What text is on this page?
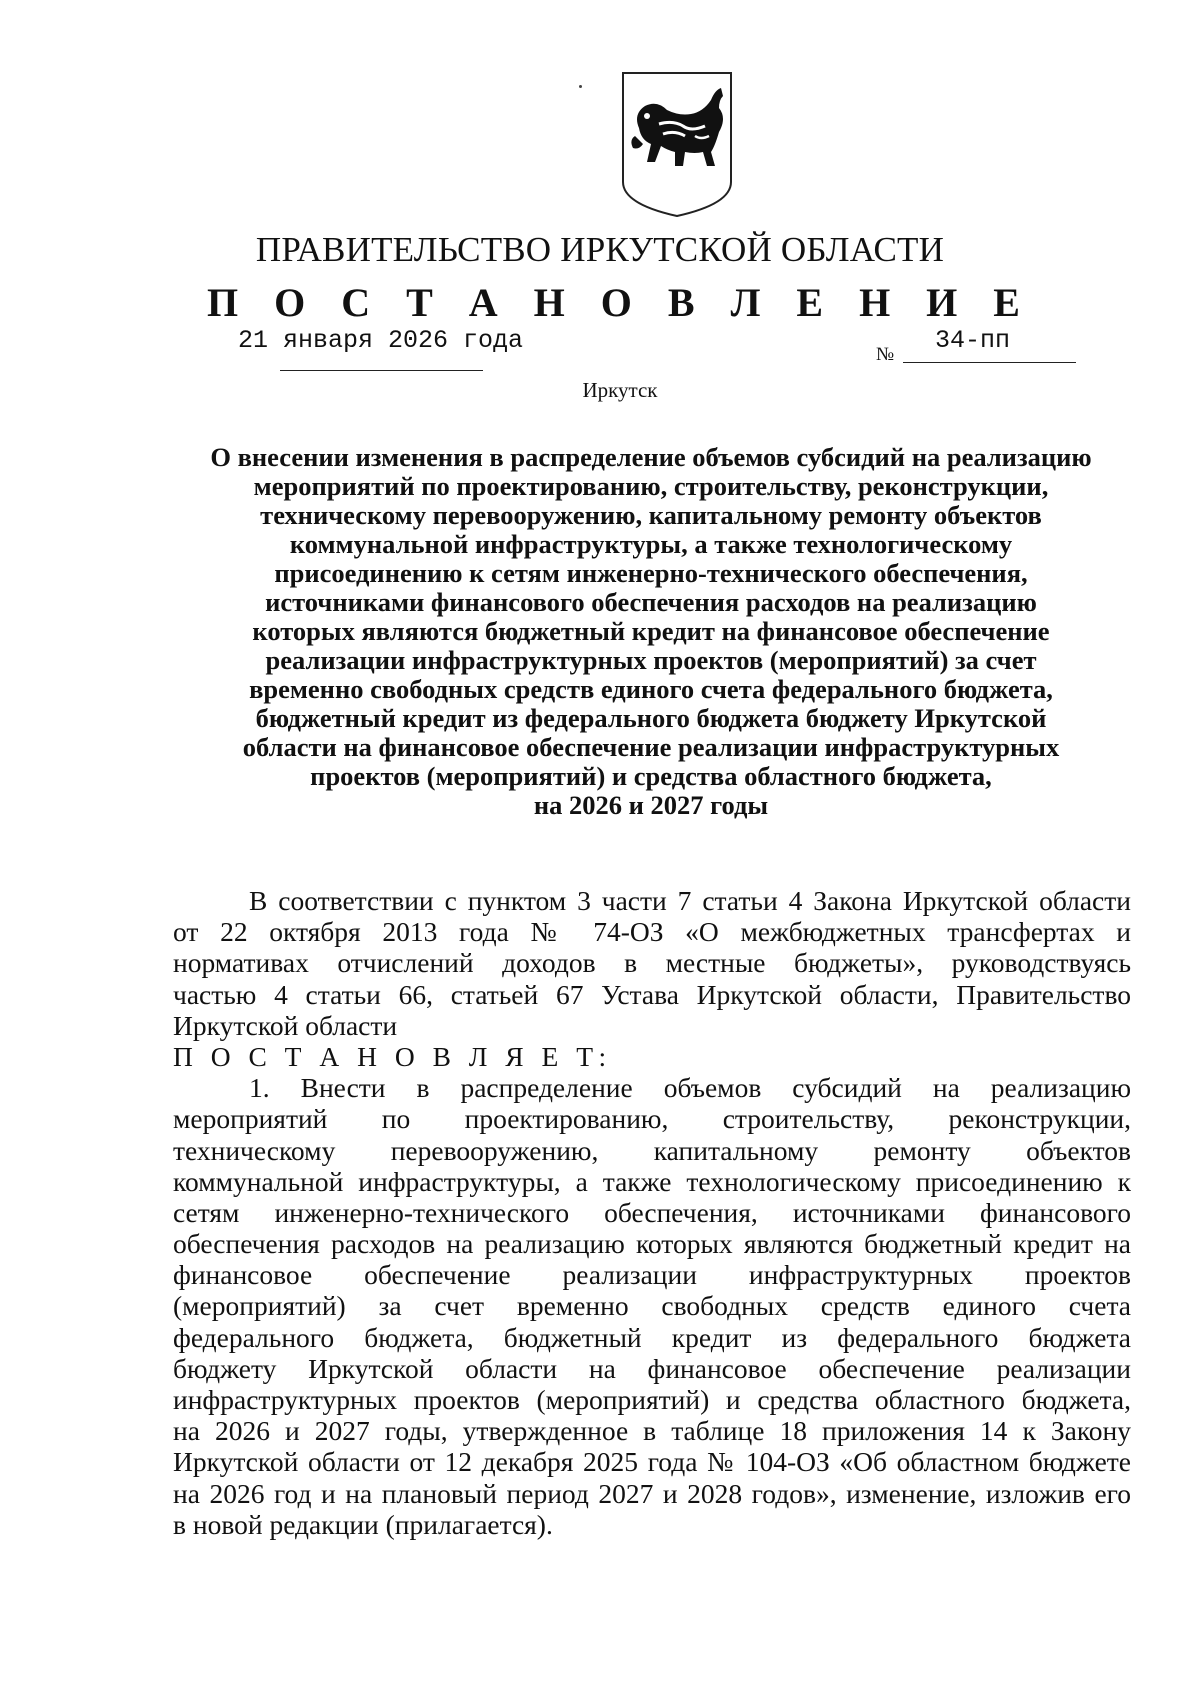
ПРАВИТЕЛЬСТВО ИРКУТСКОЙ ОБЛАСТИ
П О С Т А Н О В Л Е Н И Е
21 января 2026 года	№ 34-пп
Иркутск
О внесении изменения в распределение объемов субсидий на реализацию
мероприятий по проектированию, строительству, реконструкции,
техническому перевооружению, капитальному ремонту объектов
коммунальной инфраструктуры, а также технологическому
присоединению к сетям инженерно-технического обеспечения,
источниками финансового обеспечения расходов на реализацию
которых являются бюджетный кредит на финансовое обеспечение
реализации инфраструктурных проектов (мероприятий) за счет
временно свободных средств единого счета федерального бюджета,
бюджетный кредит из федерального бюджета бюджету Иркутской
области на финансовое обеспечение реализации инфраструктурных
проектов (мероприятий) и средства областного бюджета,
на 2026 и 2027 годы
В соответствии с пунктом 3 части 7 статьи 4 Закона Иркутской области
от 22 октября 2013 года № 74-ОЗ «О межбюджетных трансфертах и
нормативах отчислений доходов в местные бюджеты», руководствуясь
частью 4 статьи 66, статьей 67 Устава Иркутской области, Правительство
Иркутской области
П О С Т А Н О В Л Я Е Т:
1. Внести в распределение объемов субсидий на реализацию
мероприятий по проектированию, строительству, реконструкции,
техническому перевооружению, капитальному ремонту объектов
коммунальной инфраструктуры, а также технологическому присоединению к
сетям инженерно-технического обеспечения, источниками финансового
обеспечения расходов на реализацию которых являются бюджетный кредит на
финансовое обеспечение реализации инфраструктурных проектов
(мероприятий) за счет временно свободных средств единого счета
федерального бюджета, бюджетный кредит из федерального бюджета
бюджету Иркутской области на финансовое обеспечение реализации
инфраструктурных проектов (мероприятий) и средства областного бюджета,
на 2026 и 2027 годы, утвержденное в таблице 18 приложения 14 к Закону
Иркутской области от 12 декабря 2025 года № 104-ОЗ «Об областном бюджете
на 2026 год и на плановый период 2027 и 2028 годов», изменение, изложив его
в новой редакции (прилагается).
